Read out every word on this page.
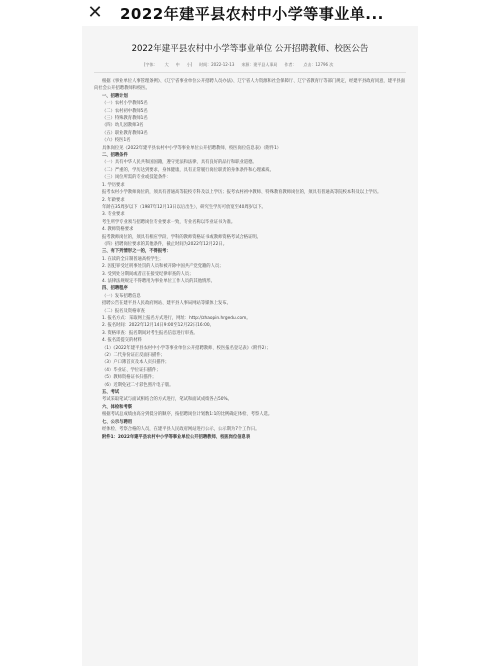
✕	2022年建平县农村中小学等事业单...
2022年建平县农村中小学等事业单位 公开招聘教师、校医公告
[字体： 大 中 小] 时间：2022-12-13 来源：建平县人事局 作者： 点击：12796 次

根据《事业单位人事管理条例》、《辽宁省事业单位公开招聘人员办法》、辽宁省人力资源和社会保障厅、辽宁省教育厅等部门规定，经建平县政府同意，建平县面向社会公开招聘教师和校医。

一、招聘计划

（一）农村小学教师5名

（二）农村初中教师5名

（三）特殊教育教师1名

（四）幼儿园教师3名

（五）职业教育教师3名

（六）校医1名

具体岗位见《2022年建平县农村中小学等事业单位公开招聘教师、校医岗位信息表》（附件1）

二、招聘条件

（一）具有中华人民共和国国籍，遵守宪法和法律，具有良好的品行和职业道德。

（二）严重的，学历达到要求，身体健康，具有正常履行岗位职责的身体条件和心理素质。

（三）岗位所需的专业或技能条件：

1. 学历要求

报考农村小学教师岗位的，须具有普通高等院校专科及以上学历；报考农村初中教师、特殊教育教师岗位的，须具有普通高等院校本科及以上学历。

2. 年龄要求

年龄在35周岁以下（1987年12月13日以后出生），研究生学历可放宽至40周岁以下。

3. 专业要求

考生所学专业须与招聘岗位专业要求一致，专业名称以毕业证书为准。

4. 教师资格要求

报考教师岗位的，须具有相应学段、学科的教师资格证书或教师资格考试合格证明。

（四）招聘岗位要求的其他条件，截止时间为2022年12月22日。

三、有下列情形之一的，不得报考：

1. 在读的全日制普通高校学生；

2. 因犯罪受过刑事处罚的人员和被开除中国共产党党籍的人员；

3. 受到处分期间或者正在接受纪律审查的人员；

4. 法律法规规定不得聘用为事业单位工作人员的其他情形。

四、招聘程序

（一）发布招聘信息

招聘公告在建平县人民政府网站、建平县人事局网站等媒体上发布。

（二）报名及资格审查

1. 报名方式：采取网上报名方式进行，网址：http://zhaopin.hrgedu.com。

2. 报名时间：2022年12月14日9:00至12月22日16:00。

3. 资格审查：报名期间对考生报名信息进行审查。

4. 报名需提交的材料

（1）《2022年建平县农村中小学等事业单位公开招聘教师、校医报名登记表》（附件2）；

（2）二代身份证正反面扫描件；

（3）户口簿首页及本人页扫描件；

（4）毕业证、学位证扫描件；

（5）教师资格证书扫描件；

（6）近期免冠二寸彩色照片电子版。

五、考试

考试采取笔试与面试相结合的方式进行，笔试和面试成绩各占50%。

六、体检和考察

根据考试总成绩由高分到低分的顺序，按招聘岗位计划数1:1的比例确定体检、考察人选。

七、公示与聘用

经体检、考察合格的人员，在建平县人民政府网站进行公示，公示期为7个工作日。

附件1：2022年建平县农村中小学等事业单位公开招聘教师、校医岗位信息表
